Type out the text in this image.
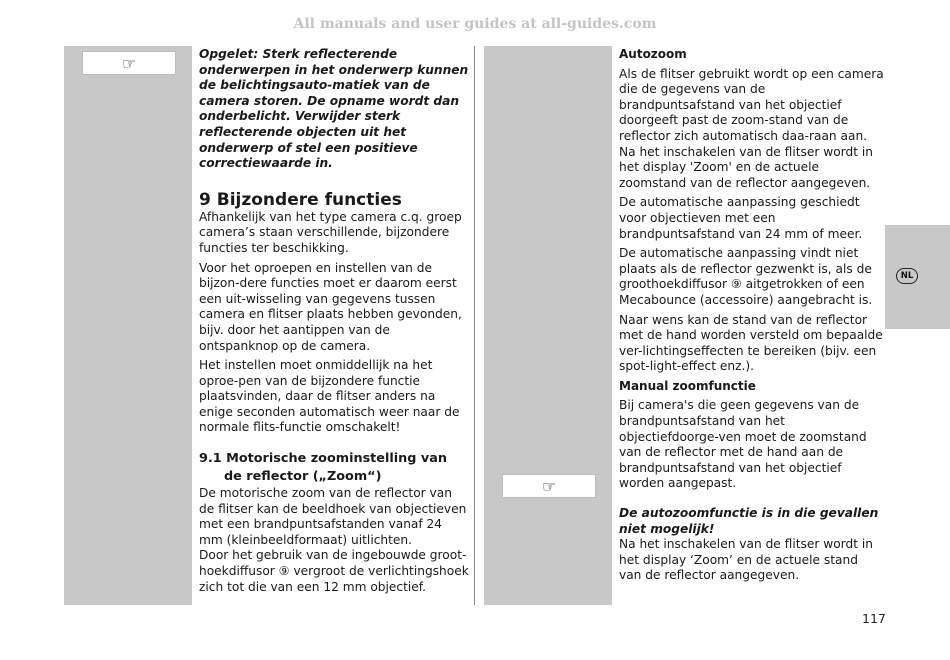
All manuals and user guides at all-guides.com
☞
☞

Opgelet: Sterk reflecterende onderwerpen in het onderwerp kunnen de belichtingsauto-matiek van de camera storen. De opname wordt dan onderbelicht. Verwijder sterk reflecterende objecten uit het onderwerp of stel een positieve correctiewaarde in.

9 Bijzondere functies

Afhankelijk van het type camera c.q. groep camera’s staan verschillende, bijzondere functies ter beschikking.

Voor het oproepen en instellen van de bijzon-dere functies moet er daarom eerst een uit-wisseling van gegevens tussen camera en flitser plaats hebben gevonden, bijv. door het aantippen van de ontspanknop op de camera.

Het instellen moet onmiddellijk na het oproe-pen van de bijzondere functie plaatsvinden, daar de flitser anders na enige seconden automatisch weer naar de normale flits-functie omschakelt!

9.1 Motorische zoominstelling van de reflector („Zoom“)

De motorische zoom van de reflector van de flitser kan de beeldhoek van objectieven met een brandpuntsafstanden vanaf 24 mm (kleinbeeldformaat) uitlichten.

Door het gebruik van de ingebouwde groot-hoekdiffusor ⑨ vergroot de verlichtingshoek zich tot die van een 12 mm objectief.

Autozoom

Als de flitser gebruikt wordt op een camera die de gegevens van de brandpuntsafstand van het objectief doorgeeft past de zoom-stand van de reflector zich automatisch daa-raan aan. Na het inschakelen van de flitser wordt in het display 'Zoom' en de actuele zoomstand van de reflector aangegeven.

De automatische aanpassing geschiedt voor objectieven met een brandpuntsafstand van 24 mm of meer.

De automatische aanpassing vindt niet plaats als de reflector gezwenkt is, als de groothoekdiffusor ⑨ aitgetrokken of een Mecabounce (accessoire) aangebracht is.

Naar wens kan de stand van de reflector met de hand worden versteld om bepaalde ver-lichtingseffecten te bereiken (bijv. een spot-light-effect enz.).

Manual zoomfunctie

Bij camera's die geen gegevens van de brandpuntsafstand van het objectiefdoorge-ven moet de zoomstand van de reflector met de hand aan de brandpuntsafstand van het objectief worden aangepast.

De autozoomfunctie is in die gevallen niet mogelijk!

Na het inschakelen van de flitser wordt in het display ‘Zoom’ en de actuele stand van de reflector aangegeven.

NL
117
